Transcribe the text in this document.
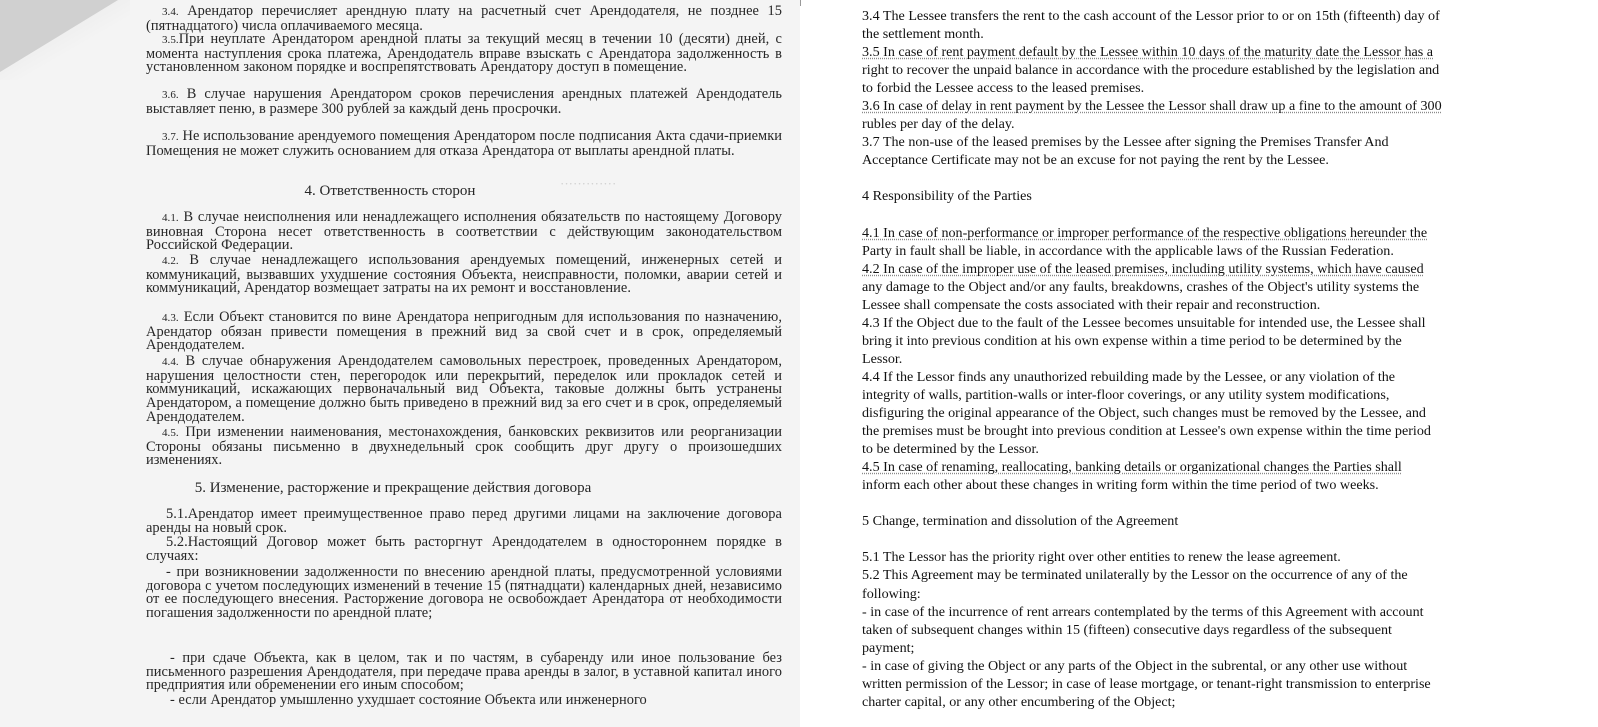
·············

3.4. Арендатор перечисляет арендную плату на расчетный счет Арендодателя, не позднее 15 (пятнадцатого) числа оплачиваемого месяца.

3.5.При неуплате Арендатором арендной платы за текущий месяц в течении 10 (десяти) дней, с момента наступления срока платежа, Арендодатель вправе взыскать с Арендатора задолженность в установленном законом порядке и воспрепятствовать Арендатору доступ в помещение.

3.6. В случае нарушения Арендатором сроков перечисления арендных платежей Арендодатель выставляет пеню, в размере 300 рублей за каждый день просрочки.

3.7. Не использование арендуемого помещения Арендатором после подписания Акта сдачи-приемки Помещения не может служить основанием для отказа Арендатора от выплаты арендной платы.

4. Ответственность сторон

4.1. В случае неисполнения или ненадлежащего исполнения обязательств по настоящему Договору виновная Сторона несет ответственность в соответствии с действующим законодательством Российской Федерации.

4.2. В случае ненадлежащего использования арендуемых помещений, инженерных сетей и коммуникаций, вызвавших ухудшение состояния Объекта, неисправности, поломки, аварии сетей и коммуникаций, Арендатор возмещает затраты на их ремонт и восстановление.

4.3. Если Объект становится по вине Арендатора непригодным для использования по назначению, Арендатор обязан привести помещения в прежний вид за свой счет и в срок, определяемый Арендодателем.

4.4. В случае обнаружения Арендодателем самовольных перестроек, проведенных Арендатором, нарушения целостности стен, перегородок или перекрытий, переделок или прокладок сетей и коммуникаций, искажающих первоначальный вид Объекта, таковые должны быть устранены Арендатором, а помещение должно быть приведено в прежний вид за его счет и в срок, определяемый Арендодателем.

4.5. При изменении наименования, местонахождения, банковских реквизитов или реорганизации Стороны обязаны письменно в двухнедельный срок сообщить друг другу о произошедших изменениях.

5. Изменение, расторжение и прекращение действия договора

5.1.Арендатор имеет преимущественное право перед другими лицами на заключение договора аренды на новый срок.

5.2.Настоящий Договор может быть расторгнут Арендодателем в одностороннем порядке в случаях:

- при возникновении задолженности по внесению арендной платы, предусмотренной условиями договора с учетом последующих изменений в течение 15 (пятнадцати) календарных дней, независимо от ее последующего внесения. Расторжение договора не освобождает Арендатора от необходимости погашения задолженности по арендной плате;

- при сдаче Объекта, как в целом, так и по частям, в субаренду или иное пользование без письменного разрешения Арендодателя, при передаче права аренды в залог, в уставной капитал иного предприятия или обременении его иным способом;

- если Арендатор умышленно ухудшает состояние Объекта или инженерного

3.4 The Lessee transfers the rent to the cash account of the Lessor prior to or on 15th (fifteenth) day of

the settlement month.

3.5 In case of rent payment default by the Lessee within 10 days of the maturity date the Lessor has a

right to recover the unpaid balance in accordance with the procedure established by the legislation and

to forbid the Lessee access to the leased premises.

3.6 In case of delay in rent payment by the Lessee the Lessor shall draw up a fine to the amount of 300

rubles per day of the delay.

3.7 The non-use of the leased premises by the Lessee after signing the Premises Transfer And

Acceptance Certificate may not be an excuse for not paying the rent by the Lessee.

4 Responsibility of the Parties

4.1 In case of non-performance or improper performance of the respective obligations hereunder the

Party in fault shall be liable, in accordance with the applicable laws of the Russian Federation.

4.2 In case of the improper use of the leased premises, including utility systems, which have caused

any damage to the Object and/or any faults, breakdowns, crashes of the Object's utility systems the

Lessee shall compensate the costs associated with their repair and reconstruction.

4.3 If the Object due to the fault of the Lessee becomes unsuitable for intended use, the Lessee shall

bring it into previous condition at his own expense within a time period to be determined by the

Lessor.

4.4 If the Lessor finds any unauthorized rebuilding made by the Lessee, or any violation of the

integrity of walls, partition-walls or inter-floor coverings, or any utility system modifications,

disfiguring the original appearance of the Object, such changes must be removed by the Lessee, and

the premises must be brought into previous condition at Lessee's own expense within the time period

to be determined by the Lessor.

4.5 In case of renaming, reallocating, banking details or organizational changes the Parties shall

inform each other about these changes in writing form within the time period of two weeks.

5 Change, termination and dissolution of the Agreement

5.1 The Lessor has the priority right over other entities to renew the lease agreement.

5.2 This Agreement may be terminated unilaterally by the Lessor on the occurrence of any of the

following:

- in case of the incurrence of rent arrears contemplated by the terms of this Agreement with account

taken of subsequent changes within 15 (fifteen) consecutive days regardless of the subsequent

payment;

- in case of giving the Object or any parts of the Object in the subrental, or any other use without

written permission of the Lessor; in case of lease mortgage, or tenant-right transmission to enterprise

charter capital, or any other encumbering of the Object;
